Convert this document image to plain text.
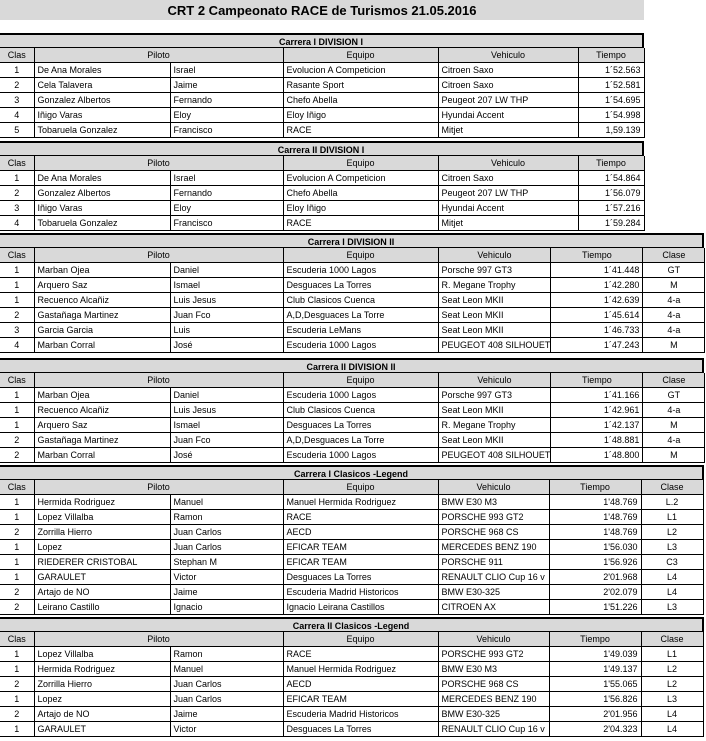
CRT 2 Campeonato RACE de Turismos 21.05.2016
Carrera I DIVISION I
Clas	Piloto		Equipo	Vehiculo	Tiempo
1	De Ana Morales	Israel	Evolucion A Competicion	Citroen Saxo	1´52.563
2	Cela Talavera	Jaime	Rasante Sport	Citroen Saxo	1´52.581
3	Gonzalez Albertos	Fernando	Chefo Abella	Peugeot 207 LW THP	1´54.695
4	Iñigo Varas	Eloy	Eloy Iñigo	Hyundai Accent	1´54.998
5	Tobaruela Gonzalez	Francisco	RACE	Mitjet	1,59.139
Carrera II DIVISION I
Clas	Piloto		Equipo	Vehiculo	Tiempo
1	De Ana Morales	Israel	Evolucion A Competicion	Citroen Saxo	1´54.864
2	Gonzalez Albertos	Fernando	Chefo Abella	Peugeot 207 LW THP	1´56.079
3	Iñigo Varas	Eloy	Eloy Iñigo	Hyundai Accent	1´57.216
4	Tobaruela Gonzalez	Francisco	RACE	Mitjet	1´59.284
Carrera I DIVISION II
Clas	Piloto		Equipo	Vehiculo	Tiempo	Clase
1	Marban Ojea	Daniel	Escuderia 1000 Lagos	Porsche 997 GT3	1´41.448	GT
1	Arquero Saz	Ismael	Desguaces La Torres	R. Megane Trophy	1´42.280	M
1	Recuenco Alcañiz	Luis Jesus	Club Clasicos Cuenca	Seat Leon MKII	1´42.639	4-a
2	Gastañaga Martinez	Juan Fco	A,D,Desguaces La Torre	Seat Leon MKII	1´45.614	4-a
3	Garcia Garcia	Luis	Escuderia LeMans	Seat Leon MKII	1´46.733	4-a
4	Marban Corral	José	Escuderia 1000 Lagos	PEUGEOT 408 SILHOUET	1´47.243	M
Carrera II DIVISION II
Clas	Piloto		Equipo	Vehiculo	Tiempo	Clase
1	Marban Ojea	Daniel	Escuderia 1000 Lagos	Porsche 997 GT3	1´41.166	GT
1	Recuenco Alcañiz	Luis Jesus	Club Clasicos Cuenca	Seat Leon MKII	1´42.961	4-a
1	Arquero Saz	Ismael	Desguaces La Torres	R. Megane Trophy	1´42.137	M
2	Gastañaga Martinez	Juan Fco	A,D,Desguaces La Torre	Seat Leon MKII	1´48.881	4-a
2	Marban Corral	José	Escuderia 1000 Lagos	PEUGEOT 408 SILHOUET	1´48.800	M
Carrera I Clasicos -Legend
Clas	Piloto		Equipo	Vehiculo	Tiempo	Clase
1	Hermida Rodriguez	Manuel	Manuel Hermida Rodriguez	BMW E30 M3	1'48.769	L.2
1	Lopez Villalba	Ramon	RACE	PORSCHE 993 GT2	1'48.769	L1
2	Zorrilla Hierro	Juan Carlos	AECD	PORSCHE 968 CS	1'48.769	L2
1	Lopez	Juan Carlos	EFICAR TEAM	MERCEDES BENZ 190	1'56.030	L3
1	RIEDERER CRISTOBAL	Stephan M	EFICAR TEAM	PORSCHE 911	1'56.926	C3
1	GARAULET	Victor	Desguaces La Torres	RENAULT CLIO Cup 16 v	2'01.968	L4
2	Artajo de NO	Jaime	Escuderia Madrid Historicos	BMW E30-325	2'02.079	L4
2	Leirano Castillo	Ignacio	Ignacio Leirana Castillos	CITROEN AX	1'51.226	L3
Carrera II Clasicos -Legend
Clas	Piloto		Equipo	Vehiculo	Tiempo	Clase
1	Lopez Villalba	Ramon	RACE	PORSCHE 993 GT2	1'49.039	L1
1	Hermida Rodriguez	Manuel	Manuel Hermida Rodriguez	BMW E30 M3	1'49.137	L2
2	Zorrilla Hierro	Juan Carlos	AECD	PORSCHE 968 CS	1'55.065	L2
1	Lopez	Juan Carlos	EFICAR TEAM	MERCEDES BENZ 190	1'56.826	L3
2	Artajo de NO	Jaime	Escuderia Madrid Historicos	BMW E30-325	2'01.956	L4
1	GARAULET	Victor	Desguaces La Torres	RENAULT CLIO Cup 16 v	2'04.323	L4
